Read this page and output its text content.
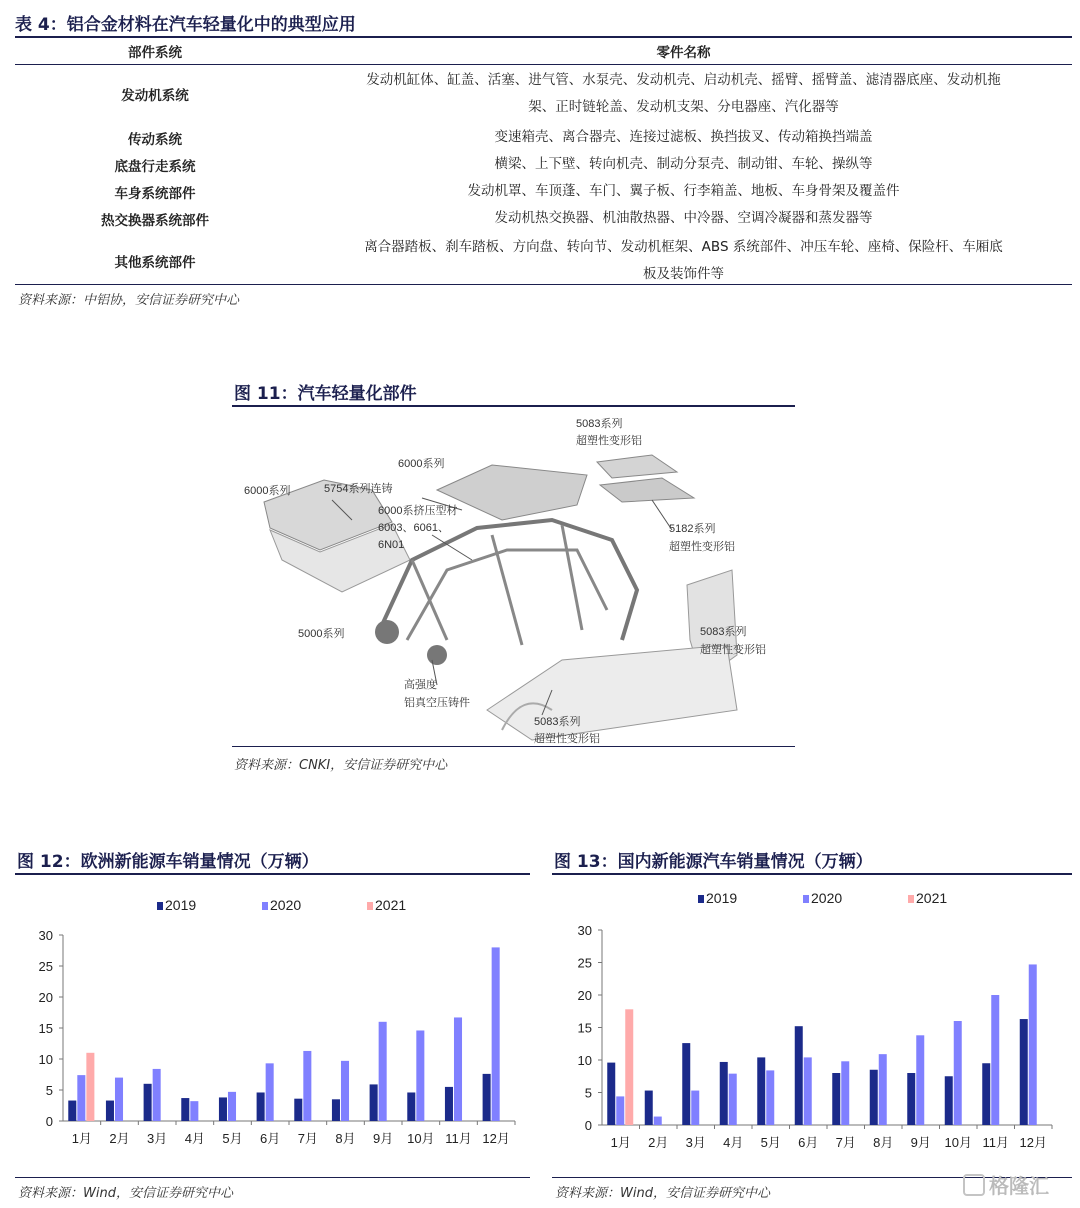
表 4：铝合金材料在汽车轻量化中的典型应用
部件系统	零件名称
发动机系统	发动机缸体、缸盖、活塞、进气管、水泵壳、发动机壳、启动机壳、摇臂、摇臂盖、滤清器底座、发动机拖
架、正时链轮盖、发动机支架、分电器座、汽化器等
传动系统	变速箱壳、离合器壳、连接过滤板、换挡拔叉、传动箱换挡端盖
底盘行走系统	横梁、上下壁、转向机壳、制动分泵壳、制动钳、车轮、操纵等
车身系统部件	发动机罩、车顶蓬、车门、翼子板、行李箱盖、地板、车身骨架及覆盖件
热交换器系统部件	发动机热交换器、机油散热器、中冷器、空调冷凝器和蒸发器等
其他系统部件	离合器踏板、刹车踏板、方向盘、转向节、发动机框架、ABS 系统部件、冲压车轮、座椅、保险杆、车厢底
板及装饰件等
资料来源：中铝协，安信证券研究中心
图 11：汽车轻量化部件
6000系列	5754系列连铸
6000系列
6000系挤压型材
6003、6061、
6N01
5083系列
超塑性变形铝
5182系列
超塑性变形铝
5000系列	5083系列
超塑性变形铝
高强度
铝真空压铸件
5083系列
超塑性变形铝
资料来源：CNKI，安信证券研究中心
图 12：欧洲新能源车销量情况（万辆）
0
5
10
15
20
25
30
1月 2月 3月 4月 5月 6月 7月 8月 9月 10月 11月 12月
2019	2020	2021
资料来源：Wind，安信证券研究中心
图 13：国内新能源汽车销量情况（万辆）
0
5
10
15
20
25
30
1月 2月 3月 4月 5月 6月 7月 8月 9月 10月 11月 12月
2019	2020	2021
资料来源：Wind，安信证券研究中心	格隆汇
